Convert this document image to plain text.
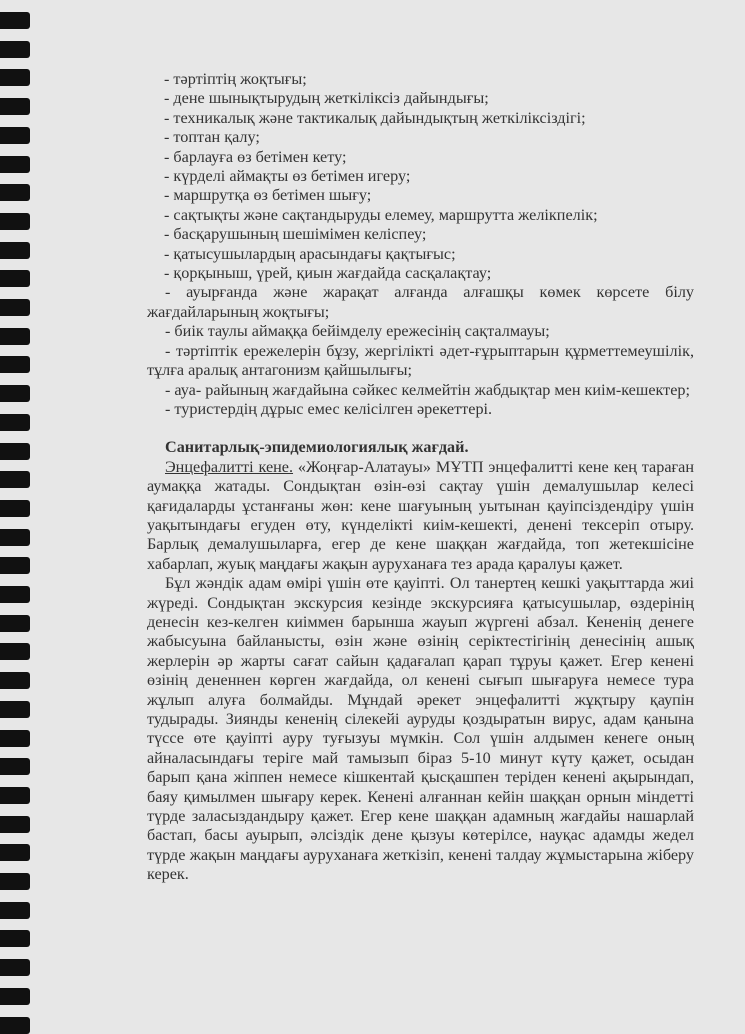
- тәртіптің жоқтығы;
- дене шынықтырудың жеткіліксіз дайындығы;
- техникалық және тактикалық дайындықтың жеткіліксіздігі;
- топтан қалу;
- барлауға өз бетімен кету;
- күрделі аймақты өз бетімен игеру;
- маршрутқа өз бетімен шығу;
- сақтықты және сақтандыруды елемеу, маршрутта желікпелік;
- басқарушының шешімімен келіспеу;
- қатысушылардың арасындағы қақтығыс;
- қорқыныш, үрей, қиын жағдайда сасқалақтау;
- ауырғанда және жарақат алғанда алғашқы көмек көрсете білу жағдайларының жоқтығы;
- биік таулы аймаққа бейімделу ережесінің сақталмауы;
- тәртіптік ережелерін бұзу, жергілікті әдет-ғұрыптарын құрметтемеушілік, тұлға аралық антагонизм қайшылығы;
- ауа- райының жағдайына сәйкес келмейтін жабдықтар мен киім-кешектер;
- туристердің дұрыс емес келісілген әрекеттері.
Санитарлық-эпидемиологиялық жағдай.
Энцефалитті кене. «Жоңғар-Алатауы» МҰТП энцефалитті кене кең тараған аумаққа жатады. Сондықтан өзін-өзі сақтау үшін демалушылар келесі қағидаларды ұстанғаны жөн: кене шағуының уытынан қауіпсіздендіру үшін уақытындағы егуден өту, күнделікті киім-кешекті, денені тексеріп отыру. Барлық демалушыларға, егер де кене шаққан жағдайда, топ жетекшісіне хабарлап, жуық маңдағы жақын ауруханаға тез арада қаралуы қажет.
Бұл жәндік адам өмірі үшін өте қауіпті. Ол танертең кешкі уақыттарда жиі жүреді. Сондықтан экскурсия кезінде экскурсияға қатысушылар, өздерінің денесін кез-келген киіммен барынша жауып жүргені абзал. Кененің денеге жабысуына байланысты, өзін және өзінің серіктестігінің денесінің ашық жерлерін әр жарты сағат сайын қадағалап қарап тұруы қажет. Егер кенені өзінің дененнен көрген жағдайда, ол кенені сығып шығаруға немесе тура жұлып алуға болмайды. Мұндай әрекет энцефалитті жұқтыру қаупін тудырады. Зиянды кененің сілекейі ауруды қоздыратын вирус, адам қанына түссе өте қауіпті ауру туғызуы мүмкін. Сол үшін алдымен кенеге оның айналасындағы теріге май тамызып біраз 5-10 минут күту қажет, осыдан барып қана жіппен немесе кішкентай қысқашпен теріден кенені ақырындап, баяу қимылмен шығару керек. Кенені алғаннан кейін шаққан орнын міндетті түрде заласыздандыру қажет. Егер кене шаққан адамның жағдайы нашарлай бастап, басы ауырып, әлсіздік дене қызуы көтерілсе, науқас адамды жедел түрде жақын маңдағы ауруханаға жеткізіп, кенені талдау жұмыстарына жіберу керек.
